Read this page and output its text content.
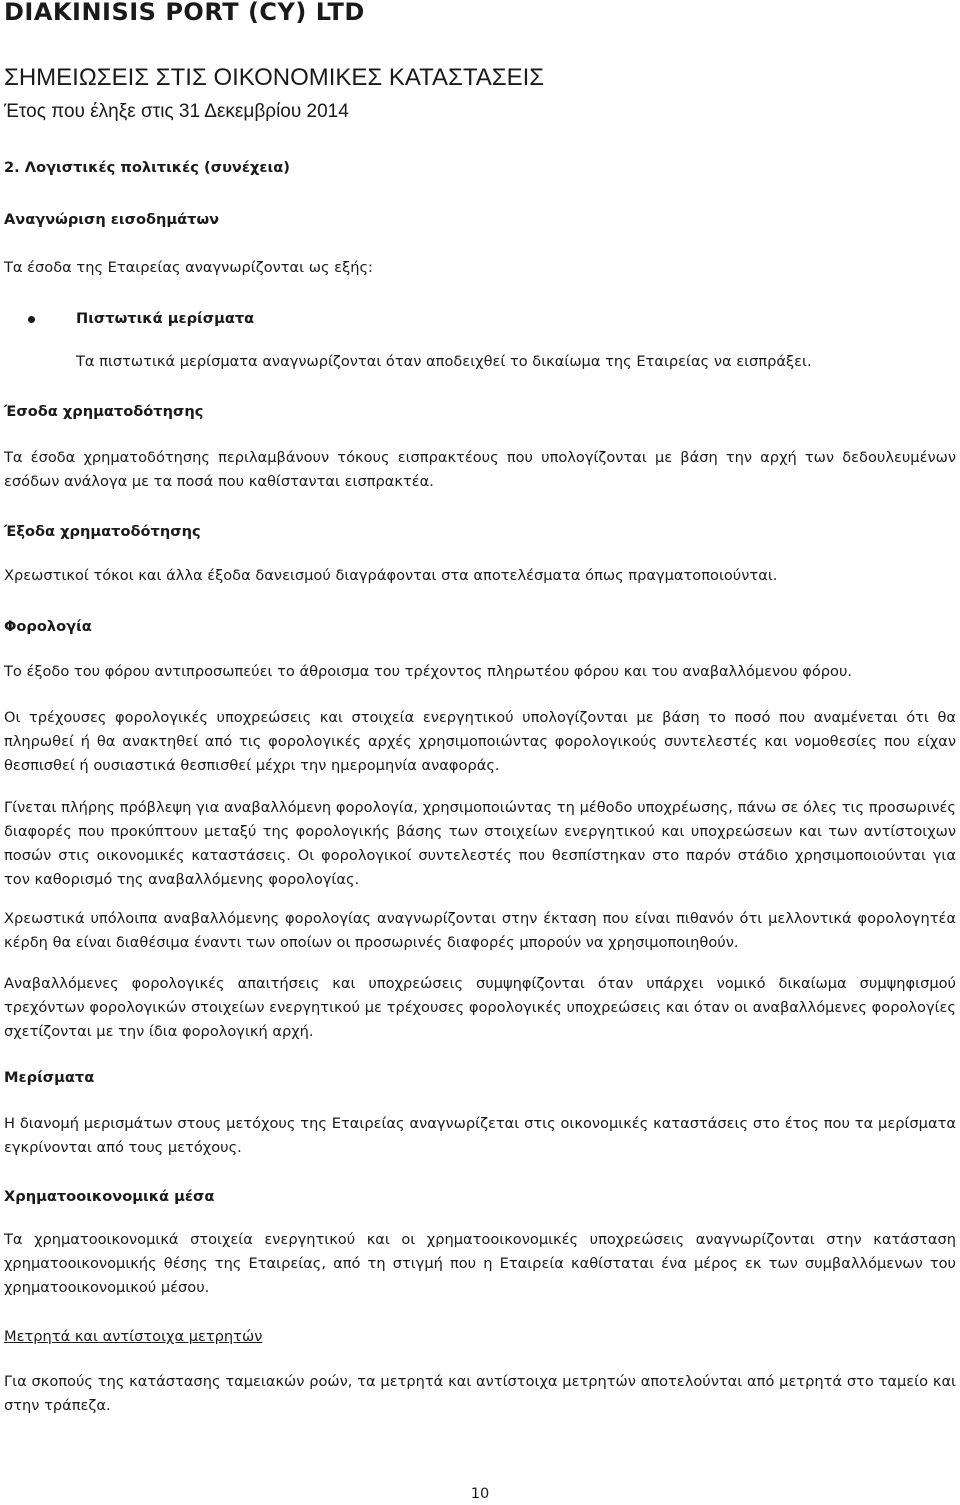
DIAKINISIS PORT (CY) LTD
ΣΗΜΕΙΩΣΕΙΣ ΣΤΙΣ ΟΙΚΟΝΟΜΙΚΕΣ ΚΑΤΑΣΤΑΣΕΙΣ
Έτος που έληξε στις 31 Δεκεμβρίου 2014
2. Λογιστικές πολιτικές (συνέχεια)
Αναγνώριση εισοδημάτων

Τα έσοδα της Εταιρείας αναγνωρίζονται ως εξής:

Πιστωτικά μερίσματα

Τα πιστωτικά μερίσματα αναγνωρίζονται όταν αποδειχθεί το δικαίωμα της Εταιρείας να εισπράξει.

Έσοδα χρηματοδότησης

Τα έσοδα χρηματοδότησης περιλαμβάνουν τόκους εισπρακτέους που υπολογίζονται με βάση την αρχή των δεδουλευμένων εσόδων ανάλογα με τα ποσά που καθίστανται εισπρακτέα.

Έξοδα χρηματοδότησης

Χρεωστικοί τόκοι και άλλα έξοδα δανεισμού διαγράφονται στα αποτελέσματα όπως πραγματοποιούνται.

Φορολογία

Το έξοδο του φόρου αντιπροσωπεύει το άθροισμα του τρέχοντος πληρωτέου φόρου και του αναβαλλόμενου φόρου.

Οι τρέχουσες φορολογικές υποχρεώσεις και στοιχεία ενεργητικού υπολογίζονται με βάση το ποσό που αναμένεται ότι θα πληρωθεί ή θα ανακτηθεί από τις φορολογικές αρχές χρησιμοποιώντας φορολογικούς συντελεστές και νομοθεσίες που είχαν θεσπισθεί ή ουσιαστικά θεσπισθεί μέχρι την ημερομηνία αναφοράς.

Γίνεται πλήρης πρόβλεψη για αναβαλλόμενη φορολογία, χρησιμοποιώντας τη μέθοδο υποχρέωσης, πάνω σε όλες τις προσωρινές διαφορές που προκύπτουν μεταξύ της φορολογικής βάσης των στοιχείων ενεργητικού και υποχρεώσεων και των αντίστοιχων ποσών στις οικονομικές καταστάσεις. Οι φορολογικοί συντελεστές που θεσπίστηκαν στο παρόν στάδιο χρησιμοποιούνται για τον καθορισμό της αναβαλλόμενης φορολογίας.

Χρεωστικά υπόλοιπα αναβαλλόμενης φορολογίας αναγνωρίζονται στην έκταση που είναι πιθανόν ότι μελλοντικά φορολογητέα κέρδη θα είναι διαθέσιμα έναντι των οποίων οι προσωρινές διαφορές μπορούν να χρησιμοποιηθούν.

Αναβαλλόμενες φορολογικές απαιτήσεις και υποχρεώσεις συμψηφίζονται όταν υπάρχει νομικό δικαίωμα συμψηφισμού τρεχόντων φορολογικών στοιχείων ενεργητικού με τρέχουσες φορολογικές υποχρεώσεις και όταν οι αναβαλλόμενες φορολογίες σχετίζονται με την ίδια φορολογική αρχή.

Μερίσματα

Η διανομή μερισμάτων στους μετόχους της Εταιρείας αναγνωρίζεται στις οικονομικές καταστάσεις στο έτος που τα μερίσματα εγκρίνονται από τους μετόχους.

Χρηματοοικονομικά μέσα

Τα χρηματοοικονομικά στοιχεία ενεργητικού και οι χρηματοοικονομικές υποχρεώσεις αναγνωρίζονται στην κατάσταση χρηματοοικονομικής θέσης της Εταιρείας, από τη στιγμή που η Εταιρεία καθίσταται ένα μέρος εκ των συμβαλλόμενων του χρηματοοικονομικού μέσου.

Μετρητά και αντίστοιχα μετρητών

Για σκοπούς της κατάστασης ταμειακών ροών, τα μετρητά και αντίστοιχα μετρητών αποτελούνται από μετρητά στο ταμείο και στην τράπεζα.

10
